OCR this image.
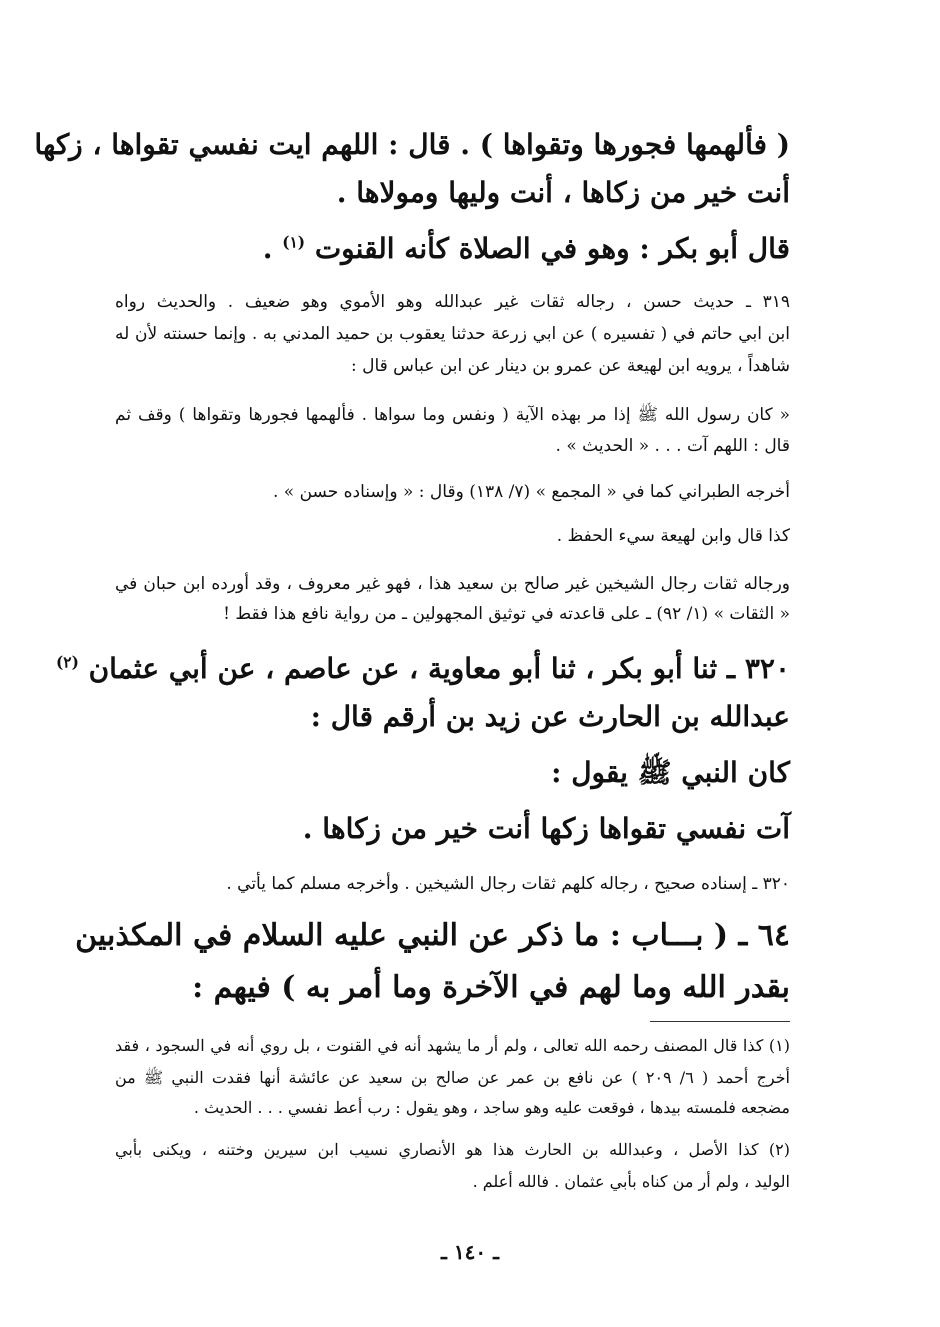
( فألهمها فجورها وتقواها ) . قال : اللهم ايت نفسي تقواها ، زكها

أنت خير من زكاها ، أنت وليها ومولاها .

قال أبو بكر : وهو في الصلاة كأنه القنوت $^{(١)}$ .

٣١٩ ـ حديث حسن ، رجاله ثقات غير عبدالله وهو الأموي وهو ضعيف . والحديث رواه

ابن ابي حاتم في ( تفسيره ) عن ابي زرعة حدثنا يعقوب بن حميد المدني به . وإنما حسنته لأن له

شاهداً ، يرويه ابن لهيعة عن عمرو بن دينار عن ابن عباس قال :

« كان رسول الله ﷺ إذا مر بهذه الآية ( ونفس وما سواها . فألهمها فجورها وتقواها ) وقف ثم

قال : اللهم آت . . . « الحديث » .

أخرجه الطبراني كما في « المجمع » (٧/ ١٣٨) وقال : « وإسناده حسن » .

كذا قال وابن لهيعة سيء الحفظ .

ورجاله ثقات رجال الشيخين غير صالح بن سعيد هذا ، فهو غير معروف ، وقد أورده ابن حبان في

« الثقات » (١/ ٩٢) ـ على قاعدته في توثيق المجهولين ـ من رواية نافع هذا فقط !

٣٢٠ ـ ثنا أبو بكر ، ثنا أبو معاوية ، عن عاصم ، عن أبي عثمان $^{(٢)}$

عبدالله بن الحارث عن زيد بن أرقم قال :

كان النبي ﷺ يقول :

آت نفسي تقواها زكها أنت خير من زكاها .

٣٢٠ ـ إسناده صحيح ، رجاله كلهم ثقات رجال الشيخين . وأخرجه مسلم كما يأتي .

٦٤ ـ ( بـــاب : ما ذكر عن النبي عليه السلام في المكذبين

بقدر الله وما لهم في الآخرة وما أمر به ) فيهم :

(١) كذا قال المصنف رحمه الله تعالى ، ولم أر ما يشهد أنه في القنوت ، بل روي أنه في السجود ، فقد

أخرج أحمد ( ٦/ ٢٠٩ ) عن نافع بن عمر عن صالح بن سعيد عن عائشة أنها فقدت النبي ﷺ من

مضجعه فلمسته بيدها ، فوقعت عليه وهو ساجد ، وهو يقول : رب أعط نفسي . . . الحديث .

(٢) كذا الأصل ، وعبدالله بن الحارث هذا هو الأنصاري نسيب ابن سيرين وختنه ، ويكنى بأبي

الوليد ، ولم أر من كناه بأبي عثمان . فالله أعلم .

ـ ١٤٠ ـ
